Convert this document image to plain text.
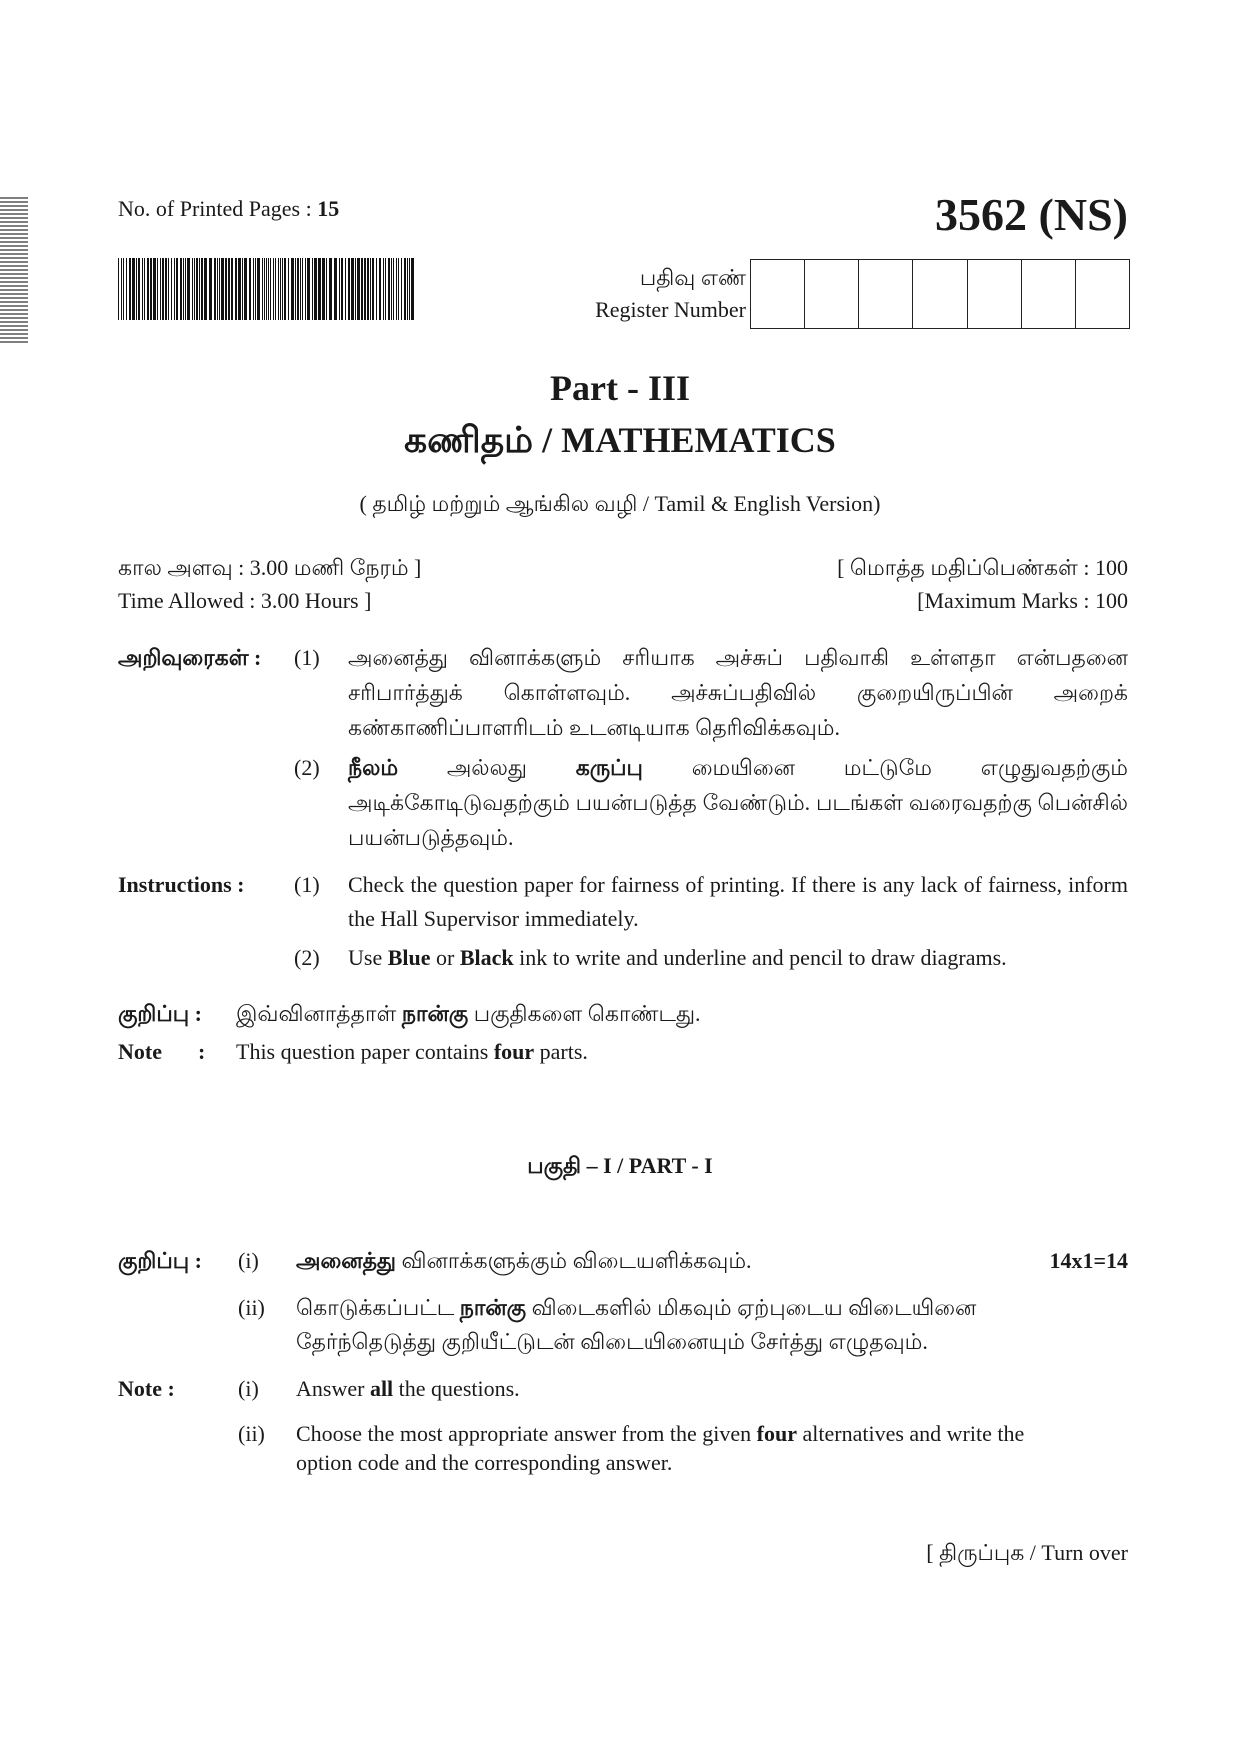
No. of Printed Pages : 15	3562 (NS)
பதிவு எண்
Register Number
Part - III
கணிதம் / MATHEMATICS
( தமிழ் மற்றும் ஆங்கில வழி / Tamil & English Version)
கால அளவு : 3.00 மணி நேரம் ]
Time Allowed : 3.00 Hours ]
[ மொத்த மதிப்பெண்கள் : 100
[Maximum Marks : 100
அறிவுரைகள் :	(1)	அனைத்து வினாக்களும் சரியாக அச்சுப் பதிவாகி உள்ளதா என்பதனை சரிபார்த்துக் கொள்ளவும். அச்சுப்பதிவில் குறையிருப்பின் அறைக் கண்காணிப்பாளரிடம் உடனடியாக தெரிவிக்கவும்.
(2)	நீலம் அல்லது கருப்பு மையினை மட்டுமே எழுதுவதற்கும் அடிக்கோடிடுவதற்கும் பயன்படுத்த வேண்டும். படங்கள் வரைவதற்கு பென்சில் பயன்படுத்தவும்.
Instructions :	(1)	Check the question paper for fairness of printing. If there is any lack of fairness, inform the Hall Supervisor immediately.
(2)	Use Blue or Black ink to write and underline and pencil to draw diagrams.
குறிப்பு :	இவ்வினாத்தாள் நான்கு பகுதிகளை கொண்டது.
Note :	This question paper contains four parts.
பகுதி – I / PART - I
குறிப்பு :	(i)	அனைத்து வினாக்களுக்கும் விடையளிக்கவும்.	14x1=14
(ii)	கொடுக்கப்பட்ட நான்கு விடைகளில் மிகவும் ஏற்புடைய விடையினை தேர்ந்தெடுத்து குறியீட்டுடன் விடையினையும் சேர்த்து எழுதவும்.
Note :	(i)	Answer all the questions.
(ii)	Choose the most appropriate answer from the given four alternatives and write the option code and the corresponding answer.
[ திருப்புக / Turn over
